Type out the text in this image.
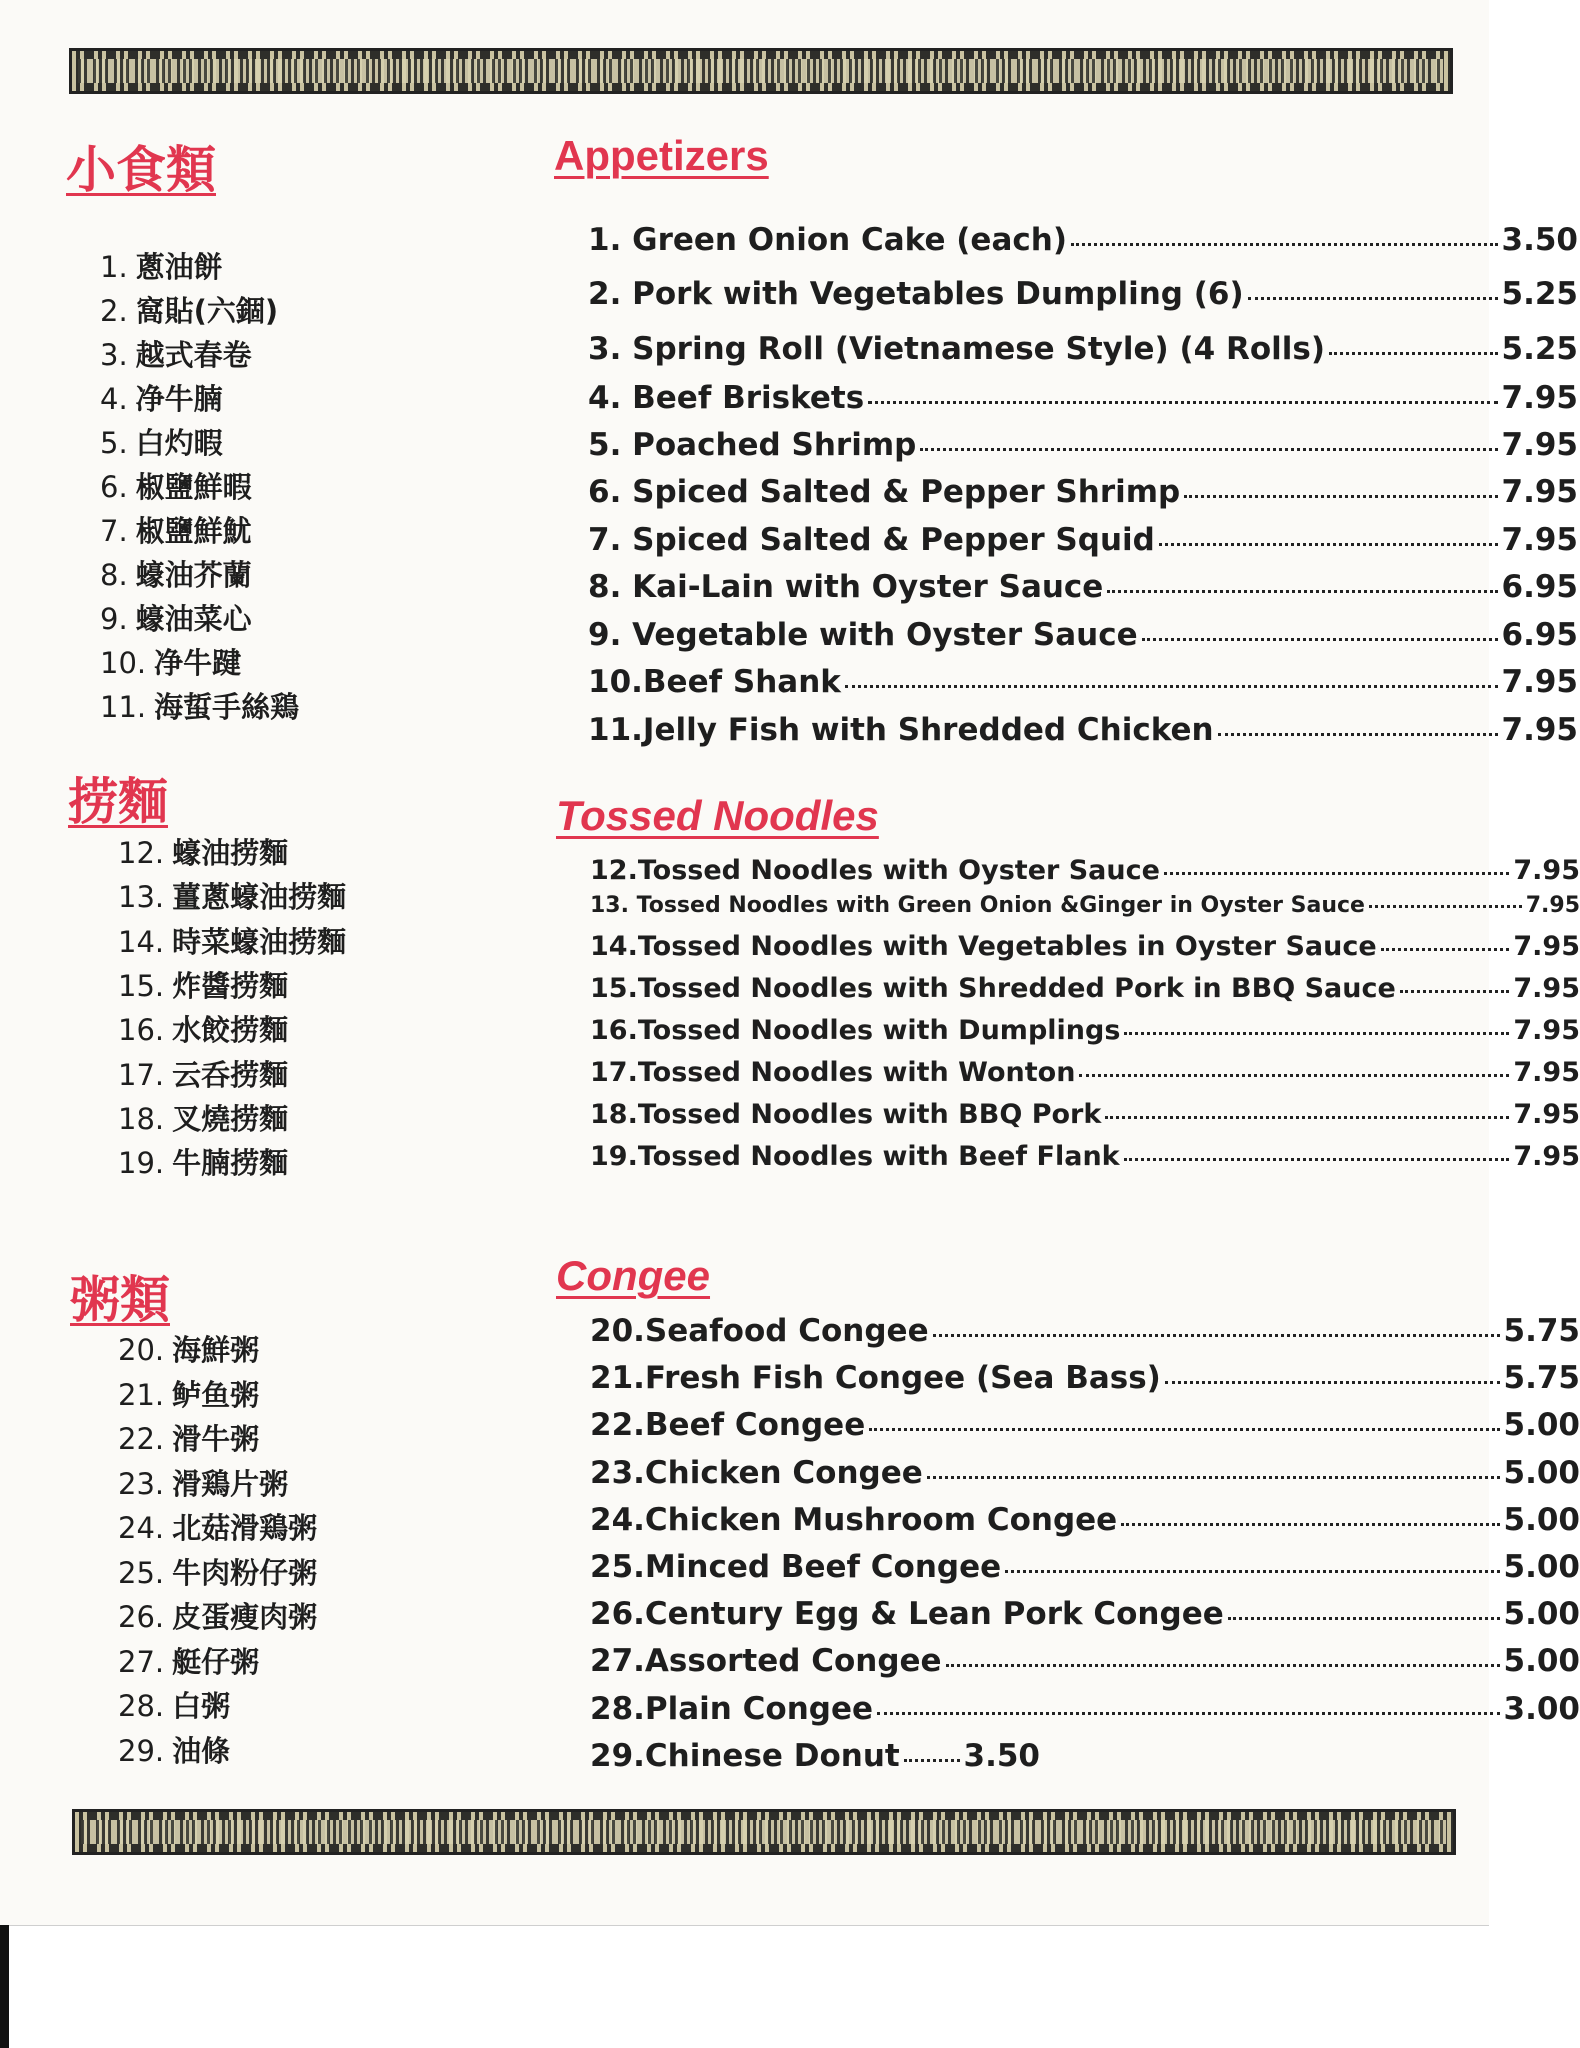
小食類	Appetizers
1. 蔥油餅
2. 窩貼(六錮)
3. 越式春卷
4. 净牛腩
5. 白灼暇
6. 椒鹽鮮暇
7. 椒鹽鮮魷
8. 蠔油芥蘭
9. 蠔油菜心
10. 净牛踺
11. 海蜇手絲鶏
1. Green Onion Cake (each)	3.50
2. Pork with Vegetables Dumpling (6)	5.25
3. Spring Roll (Vietnamese Style) (4 Rolls)	5.25
4. Beef Briskets	7.95
5. Poached Shrimp	7.95
6. Spiced Salted & Pepper Shrimp	7.95
7. Spiced Salted & Pepper Squid	7.95
8. Kai-Lain with Oyster Sauce	6.95
9. Vegetable with Oyster Sauce	6.95
10.Beef Shank	7.95
11.Jelly Fish with Shredded Chicken	7.95
捞麵	Tossed Noodles
12. 蠔油捞麵
13. 薑蔥蠔油捞麵
14. 時菜蠔油捞麵
15. 炸醬捞麵
16. 水餃捞麵
17. 云呑捞麵
18. 叉燒捞麵
19. 牛腩捞麵
12.Tossed Noodles with Oyster Sauce	7.95
13. Tossed Noodles with Green Onion &Ginger in Oyster Sauce	7.95
14.Tossed Noodles with Vegetables in Oyster Sauce	7.95
15.Tossed Noodles with Shredded Pork in BBQ Sauce	7.95
16.Tossed Noodles with Dumplings	7.95
17.Tossed Noodles with Wonton	7.95
18.Tossed Noodles with BBQ Pork	7.95
19.Tossed Noodles with Beef Flank	7.95
粥類	Congee
20. 海鮮粥
21. 鲈鱼粥
22. 滑牛粥
23. 滑鶏片粥
24. 北菇滑鶏粥
25. 牛肉粉仔粥
26. 皮蛋瘦肉粥
27. 艇仔粥
28. 白粥
29. 油條
20.Seafood Congee	5.75
21.Fresh Fish Congee (Sea Bass)	5.75
22.Beef Congee	5.00
23.Chicken Congee	5.00
24.Chicken Mushroom Congee	5.00
25.Minced Beef Congee	5.00
26.Century Egg & Lean Pork Congee	5.00
27.Assorted Congee	5.00
28.Plain Congee	3.00
29.Chinese Donut 3.50
